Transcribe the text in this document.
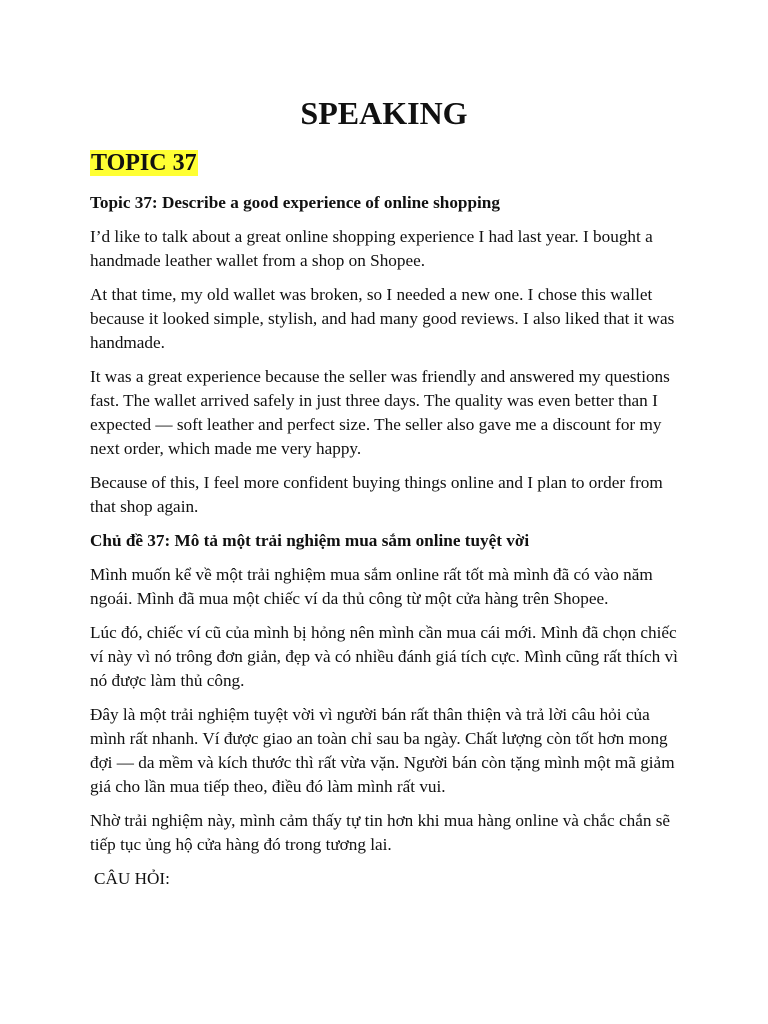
SPEAKING
TOPIC 37

Topic 37: Describe a good experience of online shopping

I’d like to talk about a great online shopping experience I had last year. I bought a handmade leather wallet from a shop on Shopee.

At that time, my old wallet was broken, so I needed a new one. I chose this wallet because it looked simple, stylish, and had many good reviews. I also liked that it was handmade.

It was a great experience because the seller was friendly and answered my questions fast. The wallet arrived safely in just three days. The quality was even better than I expected — soft leather and perfect size. The seller also gave me a discount for my next order, which made me very happy.

Because of this, I feel more confident buying things online and I plan to order from that shop again.

Chủ đề 37: Mô tả một trải nghiệm mua sắm online tuyệt vời

Mình muốn kể về một trải nghiệm mua sắm online rất tốt mà mình đã có vào năm ngoái. Mình đã mua một chiếc ví da thủ công từ một cửa hàng trên Shopee.

Lúc đó, chiếc ví cũ của mình bị hỏng nên mình cần mua cái mới. Mình đã chọn chiếc ví này vì nó trông đơn giản, đẹp và có nhiều đánh giá tích cực. Mình cũng rất thích vì nó được làm thủ công.

Đây là một trải nghiệm tuyệt vời vì người bán rất thân thiện và trả lời câu hỏi của mình rất nhanh. Ví được giao an toàn chỉ sau ba ngày. Chất lượng còn tốt hơn mong đợi — da mềm và kích thước thì rất vừa vặn. Người bán còn tặng mình một mã giảm giá cho lần mua tiếp theo, điều đó làm mình rất vui.

Nhờ trải nghiệm này, mình cảm thấy tự tin hơn khi mua hàng online và chắc chắn sẽ tiếp tục ủng hộ cửa hàng đó trong tương lai.

CÂU HỎI:
